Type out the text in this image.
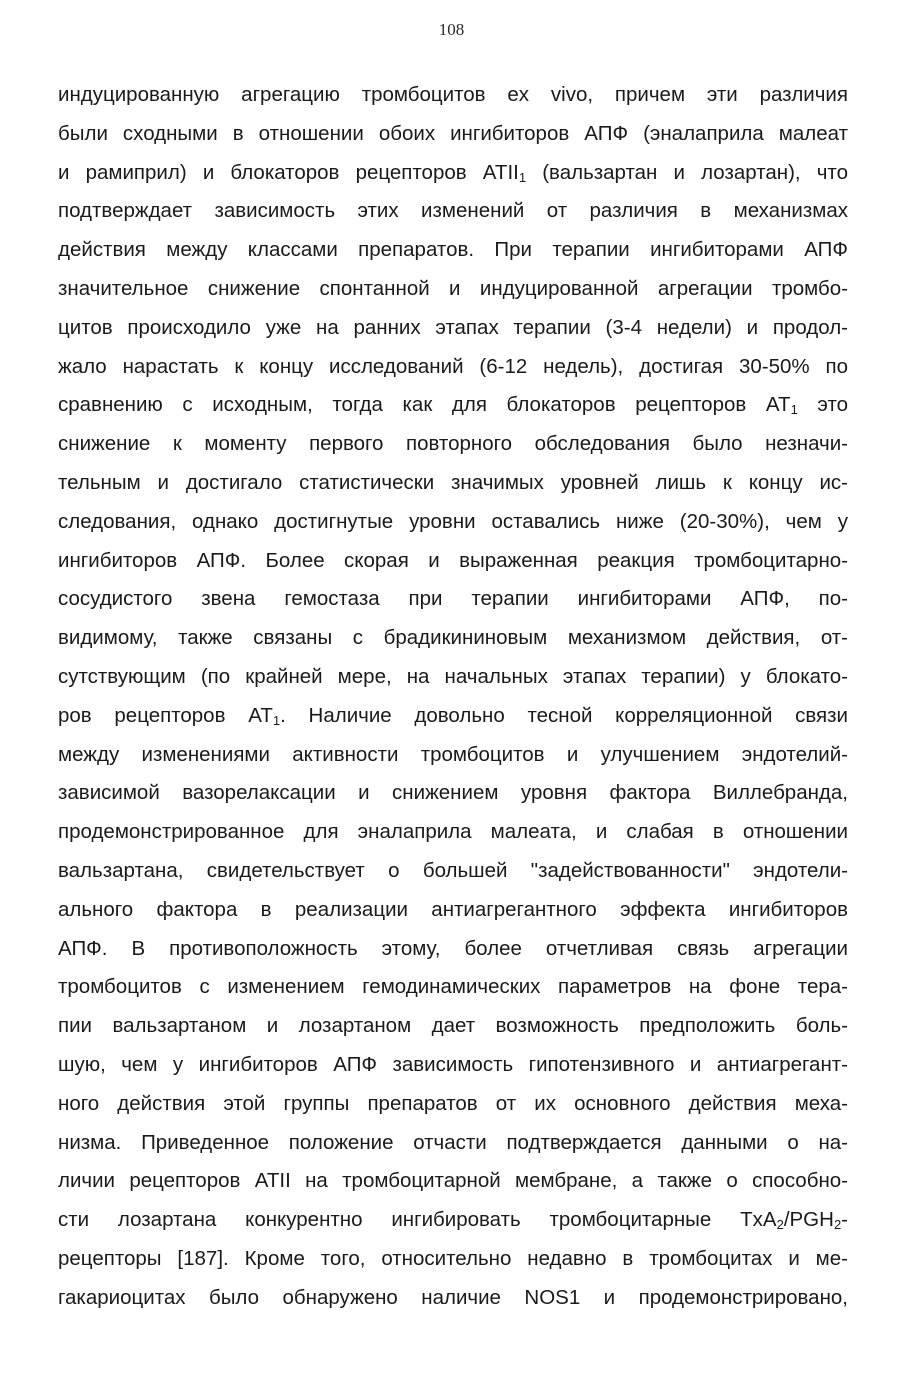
108
индуцированную агрегацию тромбоцитов ex vivo, причем эти различия
были сходными в отношении обоих ингибиторов АПФ (эналаприла малеат
и рамиприл) и блокаторов рецепторов $ATII_1$ (вальзартан и лозартан), что
подтверждает зависимость этих изменений от различия в механизмах
действия между классами препаратов. При терапии ингибиторами АПФ
значительное снижение спонтанной и индуцированной агрегации тромбо-
цитов происходило уже на ранних этапах терапии (3-4 недели) и продол-
жало нарастать к концу исследований (6-12 недель), достигая 30-50% по
сравнению с исходным, тогда как для блокаторов рецепторов $AT_1$ это
снижение к моменту первого повторного обследования было незначи-
тельным и достигало статистически значимых уровней лишь к концу ис-
следования, однако достигнутые уровни оставались ниже (20-30%), чем у
ингибиторов АПФ. Более скорая и выраженная реакция тромбоцитарно-
сосудистого звена гемостаза при терапии ингибиторами АПФ, по-
видимому, также связаны с брадикининовым механизмом действия, от-
сутствующим (по крайней мере, на начальных этапах терапии) у блокато-
ров рецепторов $AT_1$. Наличие довольно тесной корреляционной связи
между изменениями активности тромбоцитов и улучшением эндотелий-
зависимой вазорелаксации и снижением уровня фактора Виллебранда,
продемонстрированное для эналаприла малеата, и слабая в отношении
вальзартана, свидетельствует о большей "задействованности" эндотели-
ального фактора в реализации антиагрегантного эффекта ингибиторов
АПФ. В противоположность этому, более отчетливая связь агрегации
тромбоцитов с изменением гемодинамических параметров на фоне тера-
пии вальзартаном и лозартаном дает возможность предположить боль-
шую, чем у ингибиторов АПФ зависимость гипотензивного и антиагрегант-
ного действия этой группы препаратов от их основного действия меха-
низма. Приведенное положение отчасти подтверждается данными о на-
личии рецепторов ATII на тромбоцитарной мембране, а также о способно-
сти лозартана конкурентно ингибировать тромбоцитарные $TxA_2/PGH_2-$
рецепторы [187]. Кроме того, относительно недавно в тромбоцитах и ме-
гакариоцитах было обнаружено наличие NOS1 и продемонстрировано,
